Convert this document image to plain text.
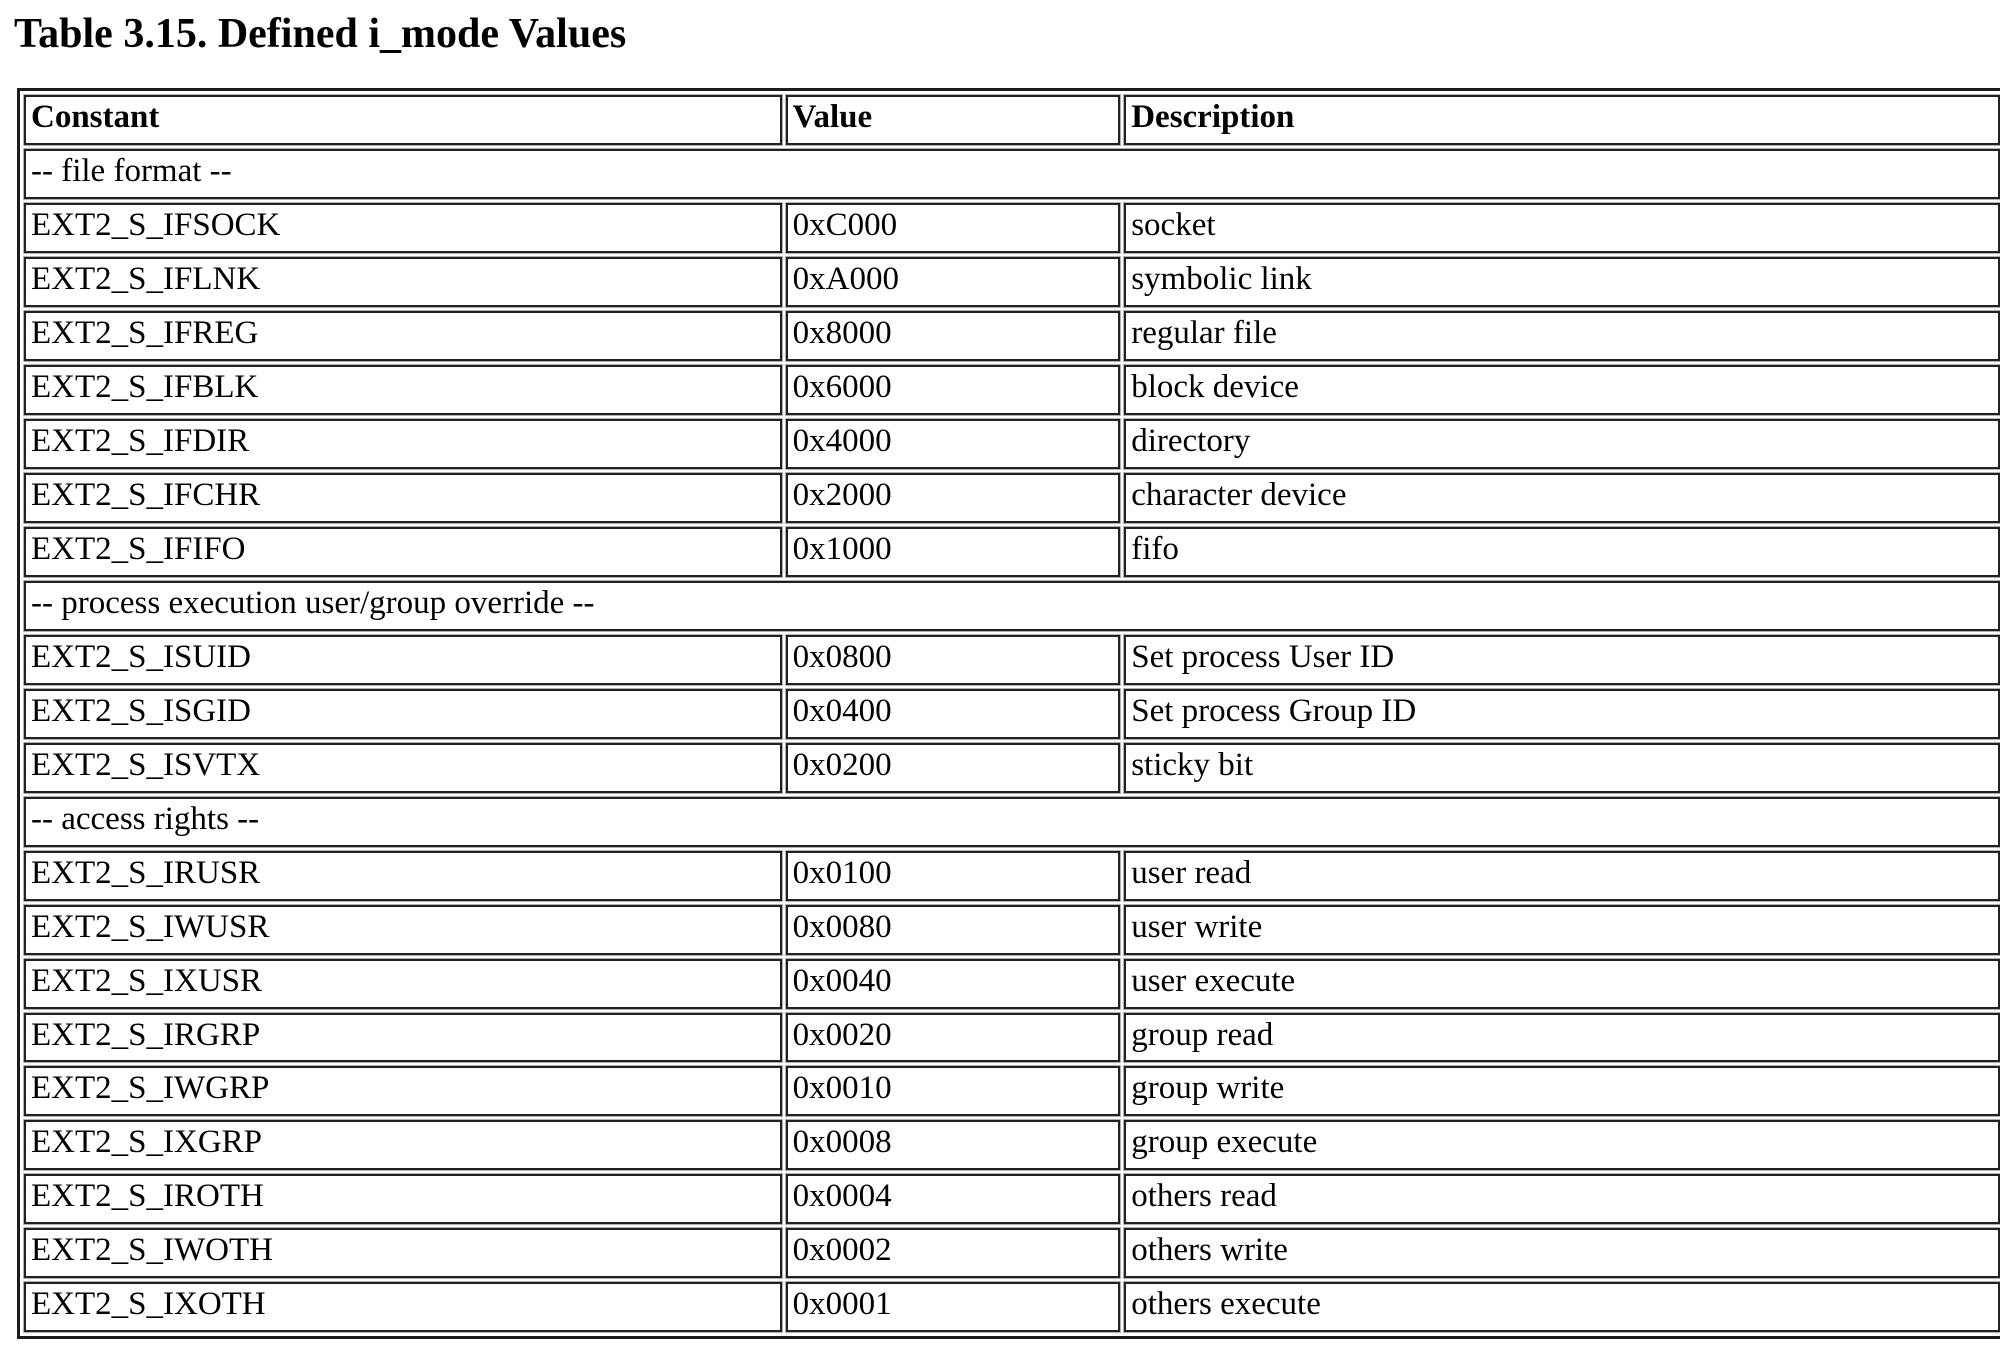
Table 3.15. Defined i_mode Values
Constant	Value	Description
-- file format --		
EXT2_S_IFSOCK	0xC000	socket
EXT2_S_IFLNK	0xA000	symbolic link
EXT2_S_IFREG	0x8000	regular file
EXT2_S_IFBLK	0x6000	block device
EXT2_S_IFDIR	0x4000	directory
EXT2_S_IFCHR	0x2000	character device
EXT2_S_IFIFO	0x1000	fifo
-- process execution user/group override --		
EXT2_S_ISUID	0x0800	Set process User ID
EXT2_S_ISGID	0x0400	Set process Group ID
EXT2_S_ISVTX	0x0200	sticky bit
-- access rights --		
EXT2_S_IRUSR	0x0100	user read
EXT2_S_IWUSR	0x0080	user write
EXT2_S_IXUSR	0x0040	user execute
EXT2_S_IRGRP	0x0020	group read
EXT2_S_IWGRP	0x0010	group write
EXT2_S_IXGRP	0x0008	group execute
EXT2_S_IROTH	0x0004	others read
EXT2_S_IWOTH	0x0002	others write
EXT2_S_IXOTH	0x0001	others execute
